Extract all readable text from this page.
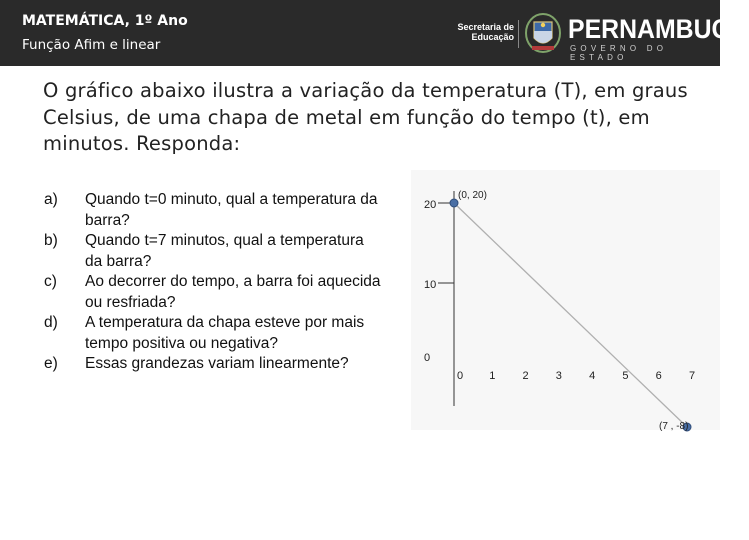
MATEMÁTICA, 1º Ano
Função Afim e linear
Secretaria de
Educação PERNAMBUCO
GOVERNO DO ESTADO
O gráfico abaixo ilustra a variação da temperatura (T), em graus Celsius, de uma chapa de metal em função do tempo (t), em minutos. Responda:
a) Quando t=0 minuto, qual a temperatura da barra?
b) Quando t=7 minutos, qual a temperatura da barra?
c) Ao decorrer do tempo, a barra foi aquecida ou resfriada?
d) A temperatura da chapa esteve por mais tempo positiva ou negativa?
e) Essas grandezas variam linearmente?
20
10
0
0 1 2 3 4 5 6 7
(0, 20)
(7 , -8)
